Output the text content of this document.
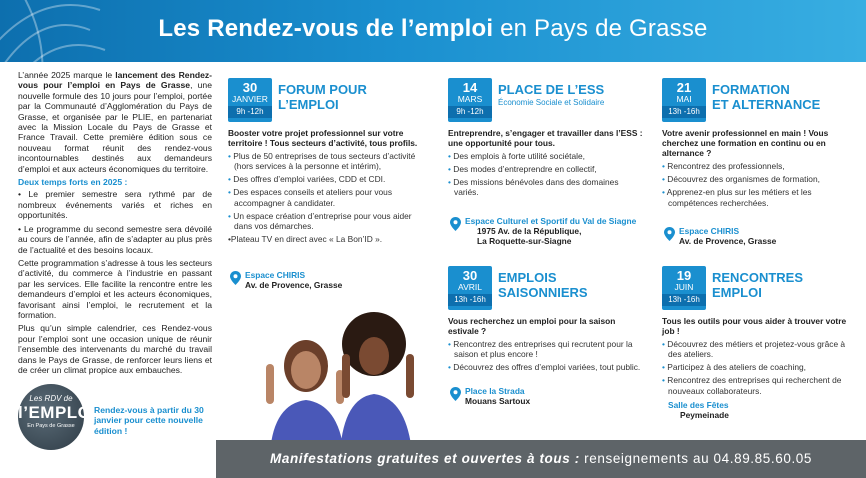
Les Rendez-vous de l’emploi en Pays de Grasse

L’année 2025 marque le lancement des Rendez-vous pour l’emploi en Pays de Grasse, une nouvelle formule des 10 jours pour l’emploi, portée par la Communauté d’Agglomération du Pays de Grasse, et organisée par le PLIE, en partenariat avec la Mission Locale du Pays de Grasse et France Travail. Cette première édition sous ce nouveau format réunit des rendez-vous incontournables destinés aux demandeurs d’emploi et aux acteurs économiques du territoire.

Deux temps forts en 2025 :

• Le premier semestre sera rythmé par de nombreux événements variés et riches en opportunités.

• Le programme du second semestre sera dévoilé au cours de l’année, afin de s’adapter au plus près de l’actualité et des besoins locaux.

Cette programmation s’adresse à tous les secteurs d’activité, du commerce à l’industrie en passant par les services. Elle facilite la rencontre entre les demandeurs d’emploi et les acteurs économiques, favorisant ainsi l’emploi, le recrutement et la formation.

Plus qu’un simple calendrier, ces Rendez-vous pour l’emploi sont une occasion unique de réunir l’ensemble des intervenants du marché du travail dans le Pays de Grasse, de renforcer leurs liens et de créer un climat propice aux embauches.

Les RDV de
l’EMPLOI
En Pays de Grasse
Rendez-vous à partir du 30 janvier pour cette nouvelle édition !
30
JANVIER
9h -12h
FORUM POUR
L’EMPLOI
Booster votre projet professionnel sur votre territoire ! Tous secteurs d’activité, tous profils.
• Plus de 50 entreprises de tous secteurs d’activité (hors services à la personne et intérim),
• Des offres d’emploi variées, CDD et CDI.
• Des espaces conseils et ateliers pour vous accompagner à candidater.
• Un espace création d’entreprise pour vous aider dans vos démarches.
•Plateau TV en direct avec « La Bon’ID ».
Espace CHIRIS
Av. de Provence, Grasse
14
MARS
9h -12h
PLACE DE L’ESS
Économie Sociale et Solidaire
Entreprendre, s’engager et travailler dans l’ESS : une opportunité pour tous.
• Des emplois à forte utilité sociétale,
• Des modes d’entreprendre en collectif,
• Des missions bénévoles dans des domaines variés.
Espace Culturel et Sportif du Val de Siagne
1975 Av. de la République,
La Roquette-sur-Siagne
30
AVRIL
13h -16h
EMPLOIS
SAISONNIERS
Vous recherchez un emploi pour la saison estivale ?
• Rencontrez des entreprises qui recrutent pour la saison et plus encore !
• Découvrez des offres d’emploi variées, tout public.
Place la Strada
Mouans Sartoux
21
MAI
13h -16h
FORMATION
ET ALTERNANCE
Votre avenir professionnel en main ! Vous cherchez une formation en continu ou en alternance ?
• Rencontrez des professionnels,
• Découvrez des organismes de formation,
• Apprenez-en plus sur les métiers et les compétences recherchées.
Espace CHIRIS
Av. de Provence, Grasse
19
JUIN
13h -16h
RENCONTRES
EMPLOI
Tous les outils pour vous aider à trouver votre job !
• Découvrez des métiers et projetez-vous grâce à des ateliers.
• Participez à des ateliers de coaching,
• Rencontrez des entreprises qui recherchent de nouveaux collaborateurs.
Salle des Fêtes
Peymeinade
Manifestations gratuites et ouvertes à tous : renseignements au 04.89.85.60.05
